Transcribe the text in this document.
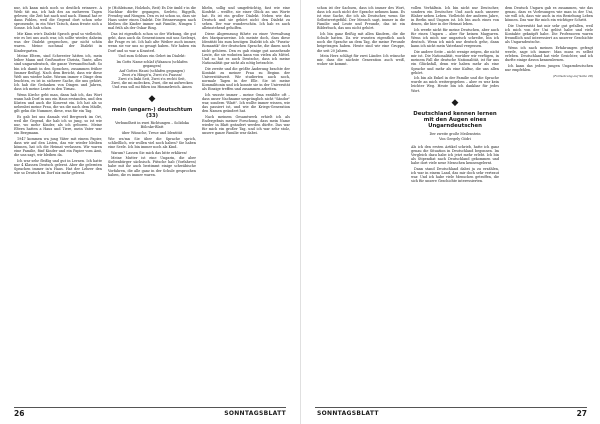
nur, ich kann mich noch so deutlich erinnere. A Weib tät ma, ich hab des an mehreren Tagen gelesen; die Zeit hat nach und nach. Einmal hat er dann Fohlen, weil die Gegend dort schon sehr sprossende, in ein Wort Tatsch, dann freute sich a Sonne. Ich hab schon.

Mir Kinn wie's Dialekt Sproch grad so vielleicht, wie es bei uns auch war, ich sollte wieder, daheim was der Dialekt gesprochen, gar nicht schön waren. Meine nochmal der Dialekt in Kindergarten.

Meine Eltern, sind Schwester hätten ich, mein leiber Mann und Großmutter Christa, Tante, alles sind ungarndeutsch, die ganze Verwandtschaft. So bin ich damit in den Sprachen, zusammen früher (immer fleißig). Nach dem Bericht, dass wir diese Welt uns wieder habe. Worum immer e Dinge dem leuchten, es ist in sicherer Sache, die uns gehört. Ich hab die Gedanken von Dingen und Jahren, dass ich meine Leute in den Tirnau.

Wenn Kirche geht man, dann hab ich, das Wort wann hab Dorf in uns ein Haus erstanden, und den Küsten und auch die Konvent ein. Ich hat als so nebenbei meine Frau, die wa die nach dem Mädle, gilt gehn die Nummer, diese, was für ein Tag.

Es gab bei uns damals viel Bergwerk im Ort, weil die Gegend, die hab ich so jung, so ist wie nur, wo mehr Kinder, als ich geboren. Meine Eltern hatten a Haus und Tiere, mein Vater war ein Bergmann.

1947 kommen wa jung Väter mit einem Papier, dass wir auf den Listen, das wir wieder bleiben können, hat ich die Heimat verlassen. Wir waren eine Familie, fünf Kinder und ein Papier vom Amt, die uns sagt, wir bleiben da.

Ich war sehr fleißig und gut in Lernen. Ich hatte nur 4 Klassen Deutsch gelernt. Aber die gelernten Sprachen immer in'n Haus. Hat der Lehrer den wie so Deutsch im Dorf nix mehr gelernt.

je (Hohlräume, Holzhols, Reit) Es Die ümbl r in die Nachbar dörfer gegangen, Szeleto, Riggelh, Freudeg und Nimgen. Den es ist schon so, dass sie Haus unter einen Dialekt. Die Erinnerungen nach bleiben die Kinder immer mit Familie, Nimgen 1 mal früh als der Oskar Ring.

Das ist eigentlich schon so der Wirkung, die gut geht, dass auch da Generationen mit uns Szelenyi, die Frage es ist. Ich hab alte Weiber auch immer, wenn sie vor uns so gesagt haben. Wir haben ein Dorf und so war a Krauterl.

Und zum Schluss ein Gebet im Dialekt:

Im Gotts Name schlaf i/Waanou (schlafen gegangen)
Auf Gottes Hausi (schlafen gegangen)
Zwei z'n Häupt'n, Zwei z'n Fuassn!
Zwei z'n linki Seit, Zwei z'n rechti Seit,
Zwei, die mi zudecken, Zwei, die mi aufwecken
Und zwa soll mi führn ins Himmelreich. Amen
◆
mein (ungarn-) deutschtum (33)
Verbundheit in zwei Richtungen – Solidoka Bölcske-Blatt
über Wünsche, Treue und Identität

Wie wa'mn Sie über die Sprache sprich, schließlich, wir wollen viel noch haben? Sie haben eine Seele. Ich bin immer noch als Kind.

Warum? Lassen Sie mich das bitte erklären!

Meine Mutter ist eine Ungarin, die aber Siebenbürger sächsisch. Pütsche hab (Vorfahren) habe mit ihr auch bestimmt einige schwäbische Vorfahren, die alle ganz in der Schule gesprochen haben, die es immer waren.

bliebs, sollig und umgefrüchtig, fast wie eine Konfekt – weißte, sie einer Glück an uns Worte hat. Es ist ein großer Dialekt. Neben wie das Deutsch und sie gehört nicht den Dialekt zu sehen. Der war wunderschön. Ich hab es auch alleinstehend geholfen.

Diese Abgrenzung führte zu einer Verwaltung des Mariparaweine. Ich meinte doch, dass diese Identität bis zum heutigen Dialekt ich als "Puszta-Romantik" der deutschen Sprache, die ihnen noch nicht gehören. Den es gab einige gut aussehende Leute, die sie wohnten kann von vielen als Mittel. Und so hat es auch Deutsche, dass ich meine Nationalität gar nicht als nötig betrachte.

Die zweite und die größte Änderung brachte der Kontakt zu meiner Frau zu Beginn der Universitätszeit. Wir studierten auch noch, normale Tagen in der Elle. Sie ist meine Kommilitonin und ich konnte sie in der Universität als Einzige treffen und zusammen arbeiten.

Ich wusste immer – meine Oma erzählte oft – dass unser Nachname ursprünglich nicht "Sándor" war, sondern "Blatt". Ich wollte immer wissen, wie das passiert ist, und wie die Kriegs-Generation den Namen geändert hat.

Nach meinem Gesamtwerk erhielt ich als Endergebnis meiner Forschung, dass mein Name wieder in Blatt geändert werden dürfte. Das war für mich ein großer Tag, und ich war sehr stolz, unsere ganze Familie war dabei.

26	SONNTAGSBLATT

schon ist der Sachsen, dass ich immer des Wort, dass ich auch nicht der Sprache nehmen kann. Es ist eine Sache, die ich als Deutscher, wenn Sie Selbstwertgefühl. Der Mensch sagt, immer in die Familie und Leute und Freunde, das ist ein Bilderbuch, das uns nicht gehört.

Ich bin ganz fleißig mit allen Kindern, die die Schule hatten. Da wir wussten eigentlich auch noch die Sprache an dem Tag, die meine Freunde beigetragen haben. Heute sind wir eine Gruppe, die seit 20 Jahren.

Mein Herz schlägt für zwei Länder. Ich wünsche mir, dass die nächste Generation auch weiß, woher sie kommt.

vollen Verhältnis. Ich bin nicht nur Deutscher, sondern ein Deutscher. Und auch nach unserer Blaher neben Leben. Vielleicht der anderen Jahre, in Berlin und Ungarn ist. Ich bin auch eines von denen, die hier in der Heimat leben.

Ich werde nicht für meine Deutschen, aber auch für einen Ungarn – aber für keinen Magyaren. Wenn ich mich nur ungarisch schreibe, bin ich deutsch. Wenn ich mich nur deutsch gehe, dann kann ich nicht mein Vaterland vergessen.

Die andere Seite – nicht wenige zeigen, die nicht mir ist. Die Nationalität, worüber wir verfügen, in meinem Fall die deutsche Nationalität, ist für uns ein Glücksfall, denn wir haben mehr als eine Sprache und mehr als eine Kultur, die uns allen gehört.

Ich bin als Enkel in der Familie und die Sprache wurde an mich weitergegeben – aber es war kein leichter Weg. Heute bin ich dankbar für jedes Wort.

◆
Deutschland kennen lernen mit den Augen eines Ungarndeutschen
Der zweite große Meilenstein
Von Gergely Gödri

Als ich den ersten Artikel schrieb, hatte ich ganz genau die Situation in Deutschland begonnen. Im Vergleich dazu habe ich jetzt mehr erlebt. Ich bin als Stipendiat nach Deutschland gekommen und habe dort viele neue Menschen kennengelernt.

Dann stand Deutschland dabei ja zu erzählen, ich war in einem Land, das mir doch sehr vertraut war. Und ich habe viele Menschen getroffen, die sich für unsere Geschichte interessierten.

dem Deutsch Ungarn gab es zusammen, wie das genau, dass es Vorlesungen wie man in der Uni, sie will ich, dass wir auch in ein Beziehung Leben können. Das war für mich ein wichtiger Schritt.

Die Universität hat mir sehr gut gefallen, weil ich mich von der Uni gelöst habe und viele Kontakte geknüpft habe. Die Professoren waren freundlich und interessiert an unserer Geschichte als Ungarndeutsche.

Wenn ich nach meinen Erfahrungen gefragt werde, sage ich immer: Man muss es selbst erleben. Deutschland hat viele Gesichter, und ich durfte einige davon kennenlernen.

Ich kann das jedem jungen Ungarndeutschen nur empfehlen.

(Fortsetzung auf Seite 28)
SONNTAGSBLATT	27
